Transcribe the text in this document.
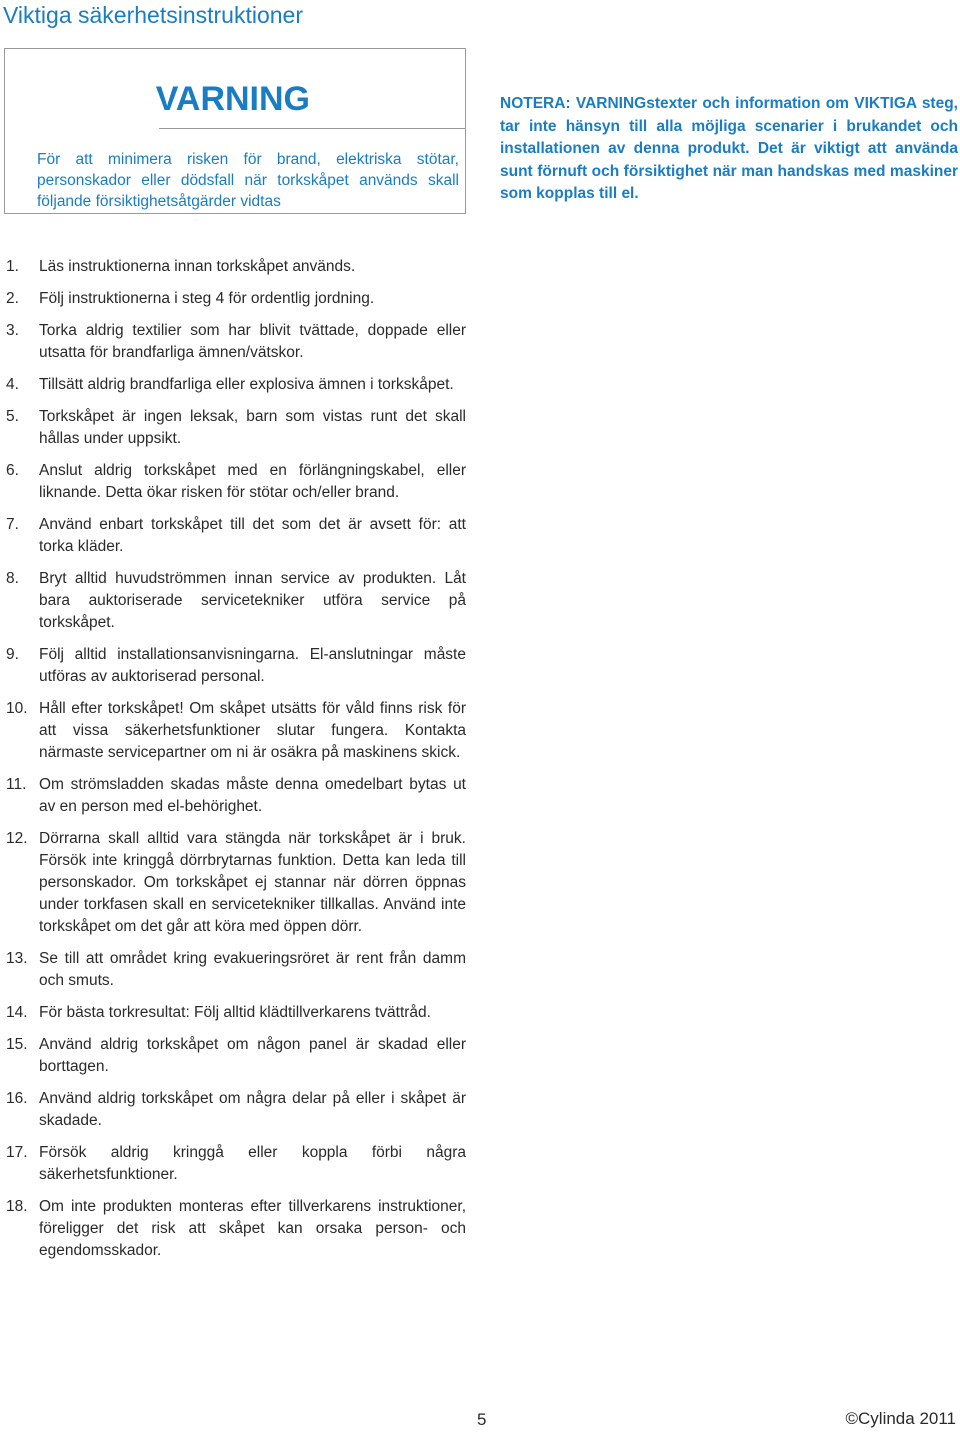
Viktiga säkerhetsinstruktioner
VARNING

För att minimera risken för brand, elektriska stötar, personskador eller dödsfall när torkskåpet används skall följande försiktighetsåtgärder vidtas

NOTERA: VARNINGstexter och information om VIKTIGA steg, tar inte hänsyn till alla möjliga scenarier i brukandet och installationen av denna produkt. Det är viktigt att använda sunt förnuft och försiktighet när man handskas med maskiner som kopplas till el.

1. Läs instruktionerna innan torkskåpet används.
2. Följ instruktionerna i steg 4 för ordentlig jordning.
3. Torka aldrig textilier som har blivit tvättade, doppade eller utsatta för brandfarliga ämnen/vätskor.
4. Tillsätt aldrig brandfarliga eller explosiva ämnen i torkskåpet.
5. Torkskåpet är ingen leksak, barn som vistas runt det skall hållas under uppsikt.
6. Anslut aldrig torkskåpet med en förlängningskabel, eller liknande. Detta ökar risken för stötar och/eller brand.
7. Använd enbart torkskåpet till det som det är avsett för: att torka kläder.
8. Bryt alltid huvudströmmen innan service av produkten. Låt bara auktoriserade servicetekniker utföra service på torkskåpet.
9. Följ alltid installationsanvisningarna. El-anslutningar måste utföras av auktoriserad personal.
10. Håll efter torkskåpet! Om skåpet utsätts för våld finns risk för att vissa säkerhetsfunktioner slutar fungera. Kontakta närmaste servicepartner om ni är osäkra på maskinens skick.
11. Om strömsladden skadas måste denna omedelbart bytas ut av en person med el-behörighet.
12. Dörrarna skall alltid vara stängda när torkskåpet är i bruk. Försök inte kringgå dörrbrytarnas funktion. Detta kan leda till personskador. Om torkskåpet ej stannar när dörren öppnas under torkfasen skall en servicetekniker tillkallas. Använd inte torkskåpet om det går att köra med öppen dörr.
13. Se till att området kring evakueringsröret är rent från damm och smuts.
14. För bästa torkresultat: Följ alltid klädtillverkarens tvättråd.
15. Använd aldrig torkskåpet om någon panel är skadad eller borttagen.
16. Använd aldrig torkskåpet om några delar på eller i skåpet är skadade.
17. Försök aldrig kringgå eller koppla förbi några säkerhetsfunktioner.
18. Om inte produkten monteras efter tillverkarens instruktioner, föreligger det risk att skåpet kan orsaka person- och egendomsskador.
5	©Cylinda 2011
